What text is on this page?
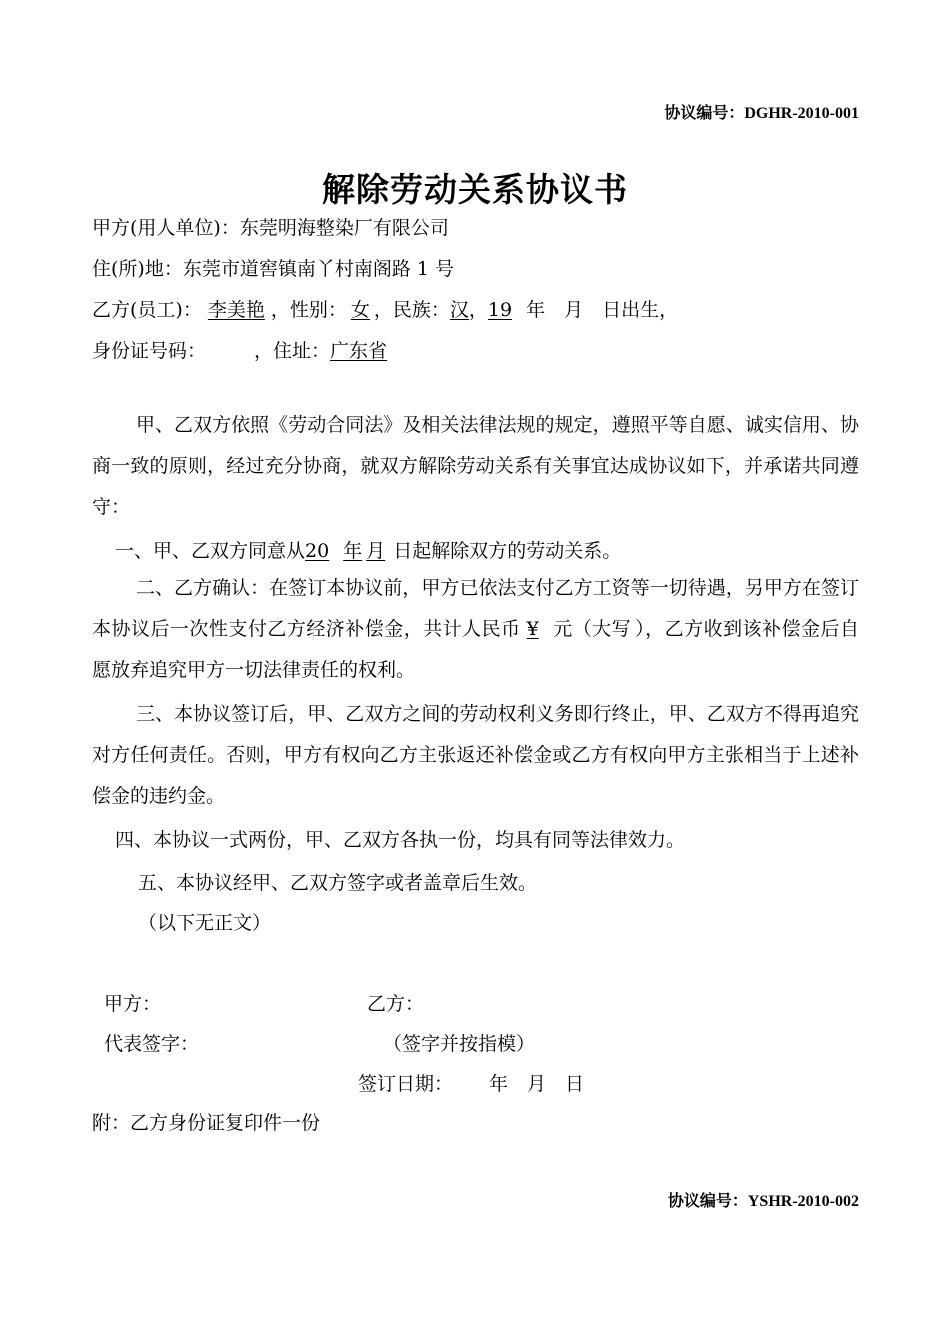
协议编号：DGHR-2010-001
解除劳动关系协议书
甲方(用人单位)：东莞明海整染厂有限公司
住(所)地：东莞市道窖镇南丫村南阁路 1 号
乙方(员工)： 李美艳 ，性别： 女 ，民族：汉，19 年　月　日出生，
身份证号码：	，住址：广东省
甲、乙双方依照《劳动合同法》及相关法律法规的规定，遵照平等自愿、诚实信用、协商一致的原则，经过充分协商，就双方解除劳动关系有关事宜达成协议如下，并承诺共同遵守：
一、甲、乙双方同意从20 年 月 日起解除双方的劳动关系。
二、乙方确认：在签订本协议前，甲方已依法支付乙方工资等一切待遇，另甲方在签订本协议后一次性支付乙方经济补偿金，共计人民币 ¥ 元（大写 ），乙方收到该补偿金后自愿放弃追究甲方一切法律责任的权利。
三、本协议签订后，甲、乙双方之间的劳动权利义务即行终止，甲、乙双方不得再追究对方任何责任。否则，甲方有权向乙方主张返还补偿金或乙方有权向甲方主张相当于上述补偿金的违约金。
四、本协议一式两份，甲、乙双方各执一份，均具有同等法律效力。
五、本协议经甲、乙双方签字或者盖章后生效。
（以下无正文）
甲方：	乙方：
代表签字：	（签字并按指模）
签订日期： 年　月　日
附：乙方身份证复印件一份
协议编号：YSHR-2010-002
